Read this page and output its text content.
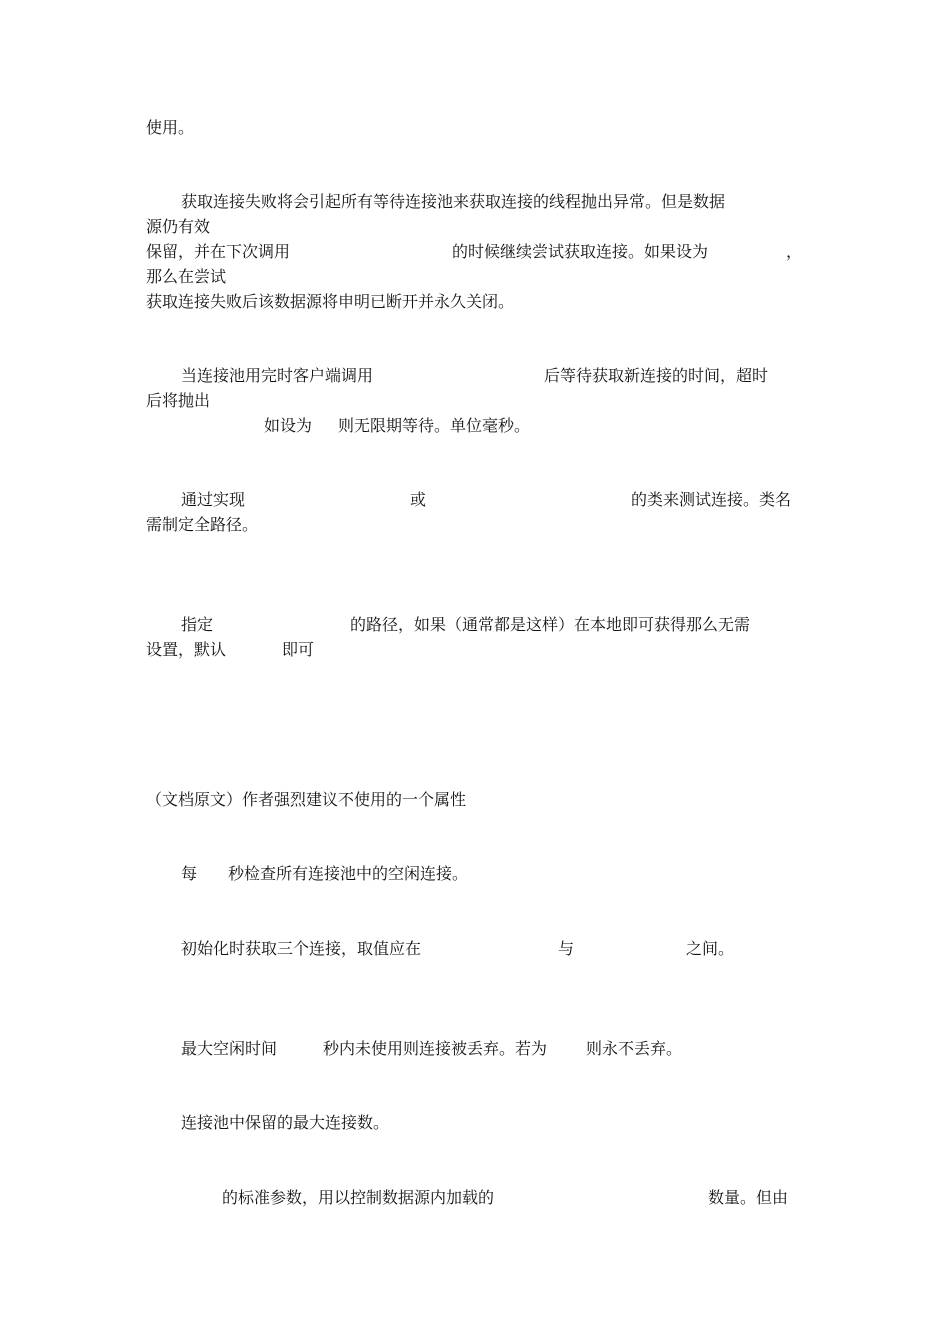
使用。
获取连接失败将会引起所有等待连接池来获取连接的线程抛出异常。但是数据
源仍有效
保留，并在下次调用	的时候继续尝试获取连接。如果设为	，
那么在尝试
获取连接失败后该数据源将申明已断开并永久关闭。
当连接池用完时客户端调用	后等待获取新连接的时间，超时
后将抛出
如设为 则无限期等待。单位毫秒。
通过实现	或	的类来测试连接。类名
需制定全路径。
指定	的路径，如果（通常都是这样）在本地即可获得那么无需
设置，默认	即可
（文档原文）作者强烈建议不使用的一个属性
每 秒检查所有连接池中的空闲连接。
初始化时获取三个连接，取值应在	与	之间。
最大空闲时间	秒内未使用则连接被丢弃。若为 则永不丢弃。
连接池中保留的最大连接数。
的标准参数，用以控制数据源内加载的	数量。但由
